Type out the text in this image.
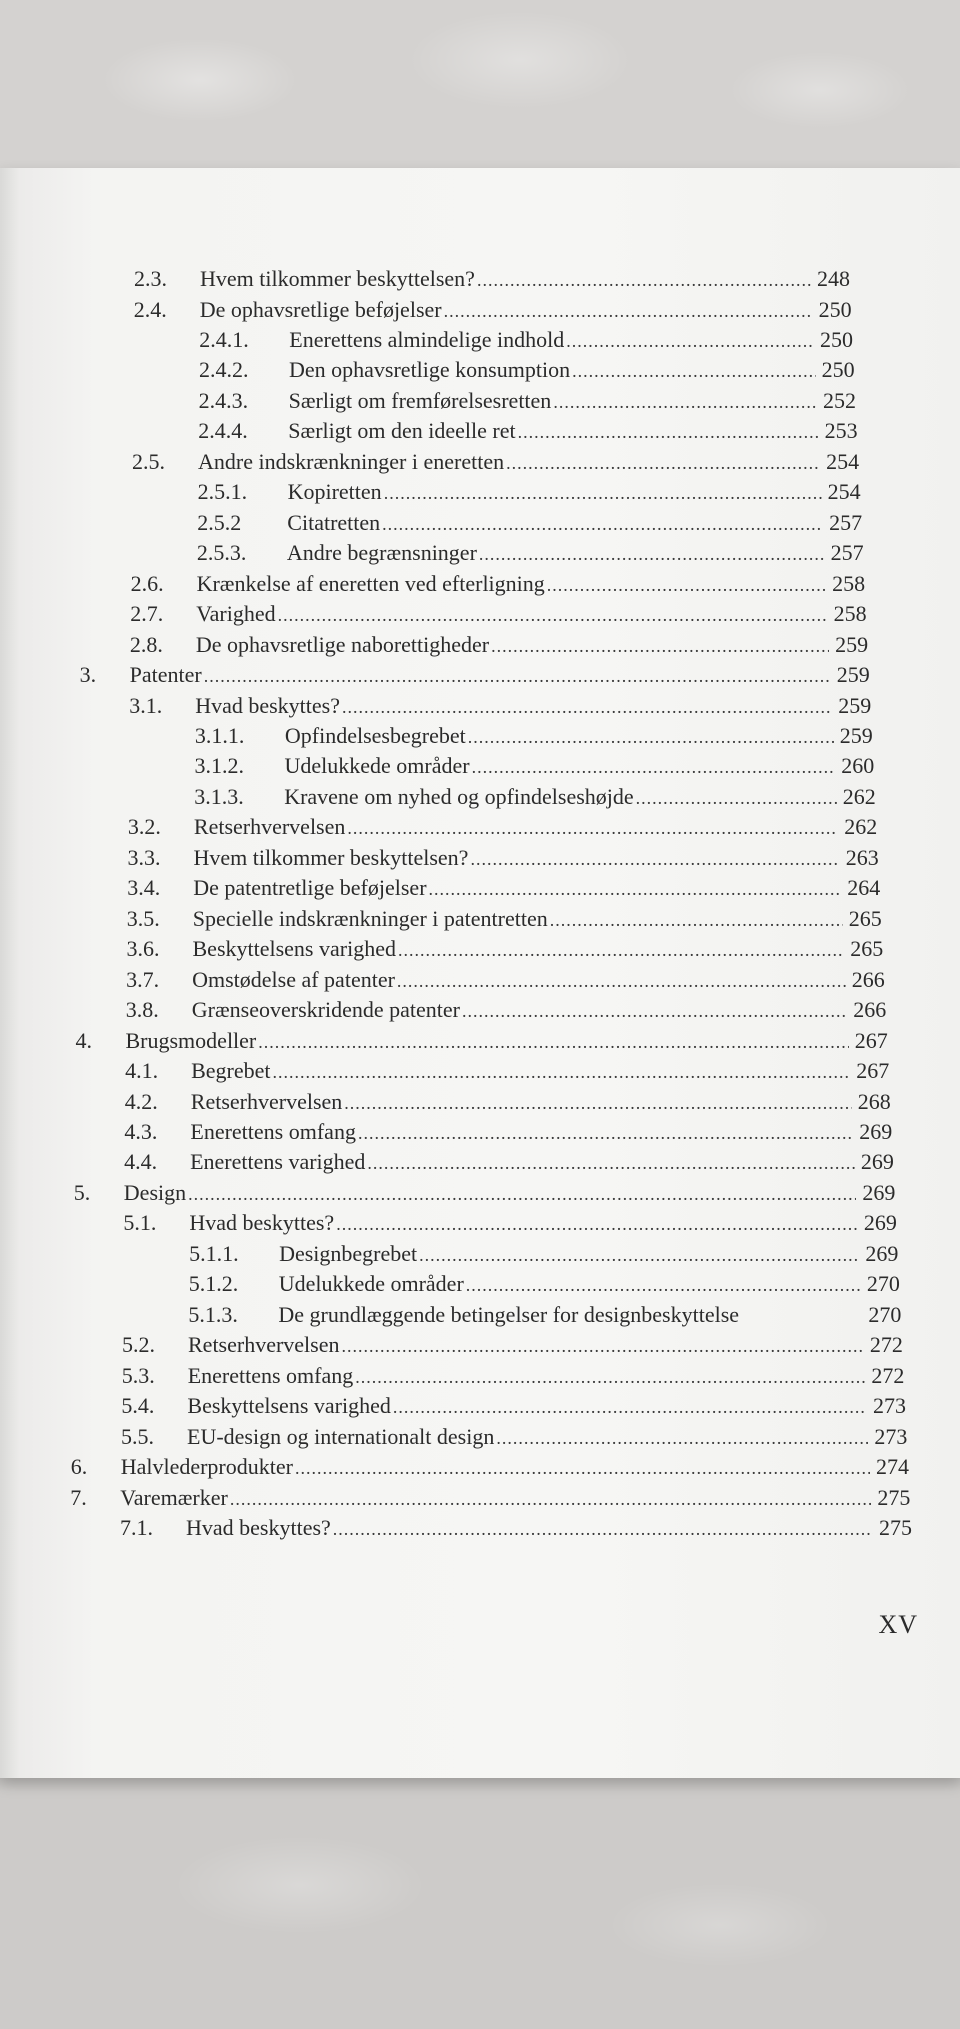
2.3.	Hvem tilkommer beskyttelsen? .....	248
2.4.	De ophavsretlige beføjelser .....	250
2.4.1.	Enerettens almindelige indhold .....	250
2.4.2.	Den ophavsretlige konsumption .....	250
2.4.3.	Særligt om fremførelsesretten .....	252
2.4.4.	Særligt om den ideelle ret .....	253
2.5.	Andre indskrænkninger i eneretten .....	254
2.5.1.	Kopiretten .....	254
2.5.2	Citatretten .....	257
2.5.3.	Andre begrænsninger .....	257
2.6.	Krænkelse af eneretten ved efterligning .....	258
2.7.	Varighed .....	258
2.8.	De ophavsretlige naborettigheder .....	259
3.	Patenter .....	259
3.1.	Hvad beskyttes? .....	259
3.1.1.	Opfindelsesbegrebet .....	259
3.1.2.	Udelukkede områder .....	260
3.1.3.	Kravene om nyhed og opfindelseshøjde .....	262
3.2.	Retserhvervelsen .....	262
3.3.	Hvem tilkommer beskyttelsen? .....	263
3.4.	De patentretlige beføjelser .....	264
3.5.	Specielle indskrænkninger i patentretten .....	265
3.6.	Beskyttelsens varighed .....	265
3.7.	Omstødelse af patenter .....	266
3.8.	Grænseoverskridende patenter .....	266
4.	Brugsmodeller .....	267
4.1.	Begrebet .....	267
4.2.	Retserhvervelsen .....	268
4.3.	Enerettens omfang .....	269
4.4.	Enerettens varighed .....	269
5.	Design .....	269
5.1.	Hvad beskyttes? .....	269
5.1.1.	Designbegrebet .....	269
5.1.2.	Udelukkede områder .....	270
5.1.3.	De grundlæggende betingelser for designbeskyttelse	270
5.2.	Retserhvervelsen .....	272
5.3.	Enerettens omfang .....	272
5.4.	Beskyttelsens varighed .....	273
5.5.	EU-design og internationalt design .....	273
6.	Halvlederprodukter .....	274
7.	Varemærker .....	275
7.1.	Hvad beskyttes? .....	275
XV
